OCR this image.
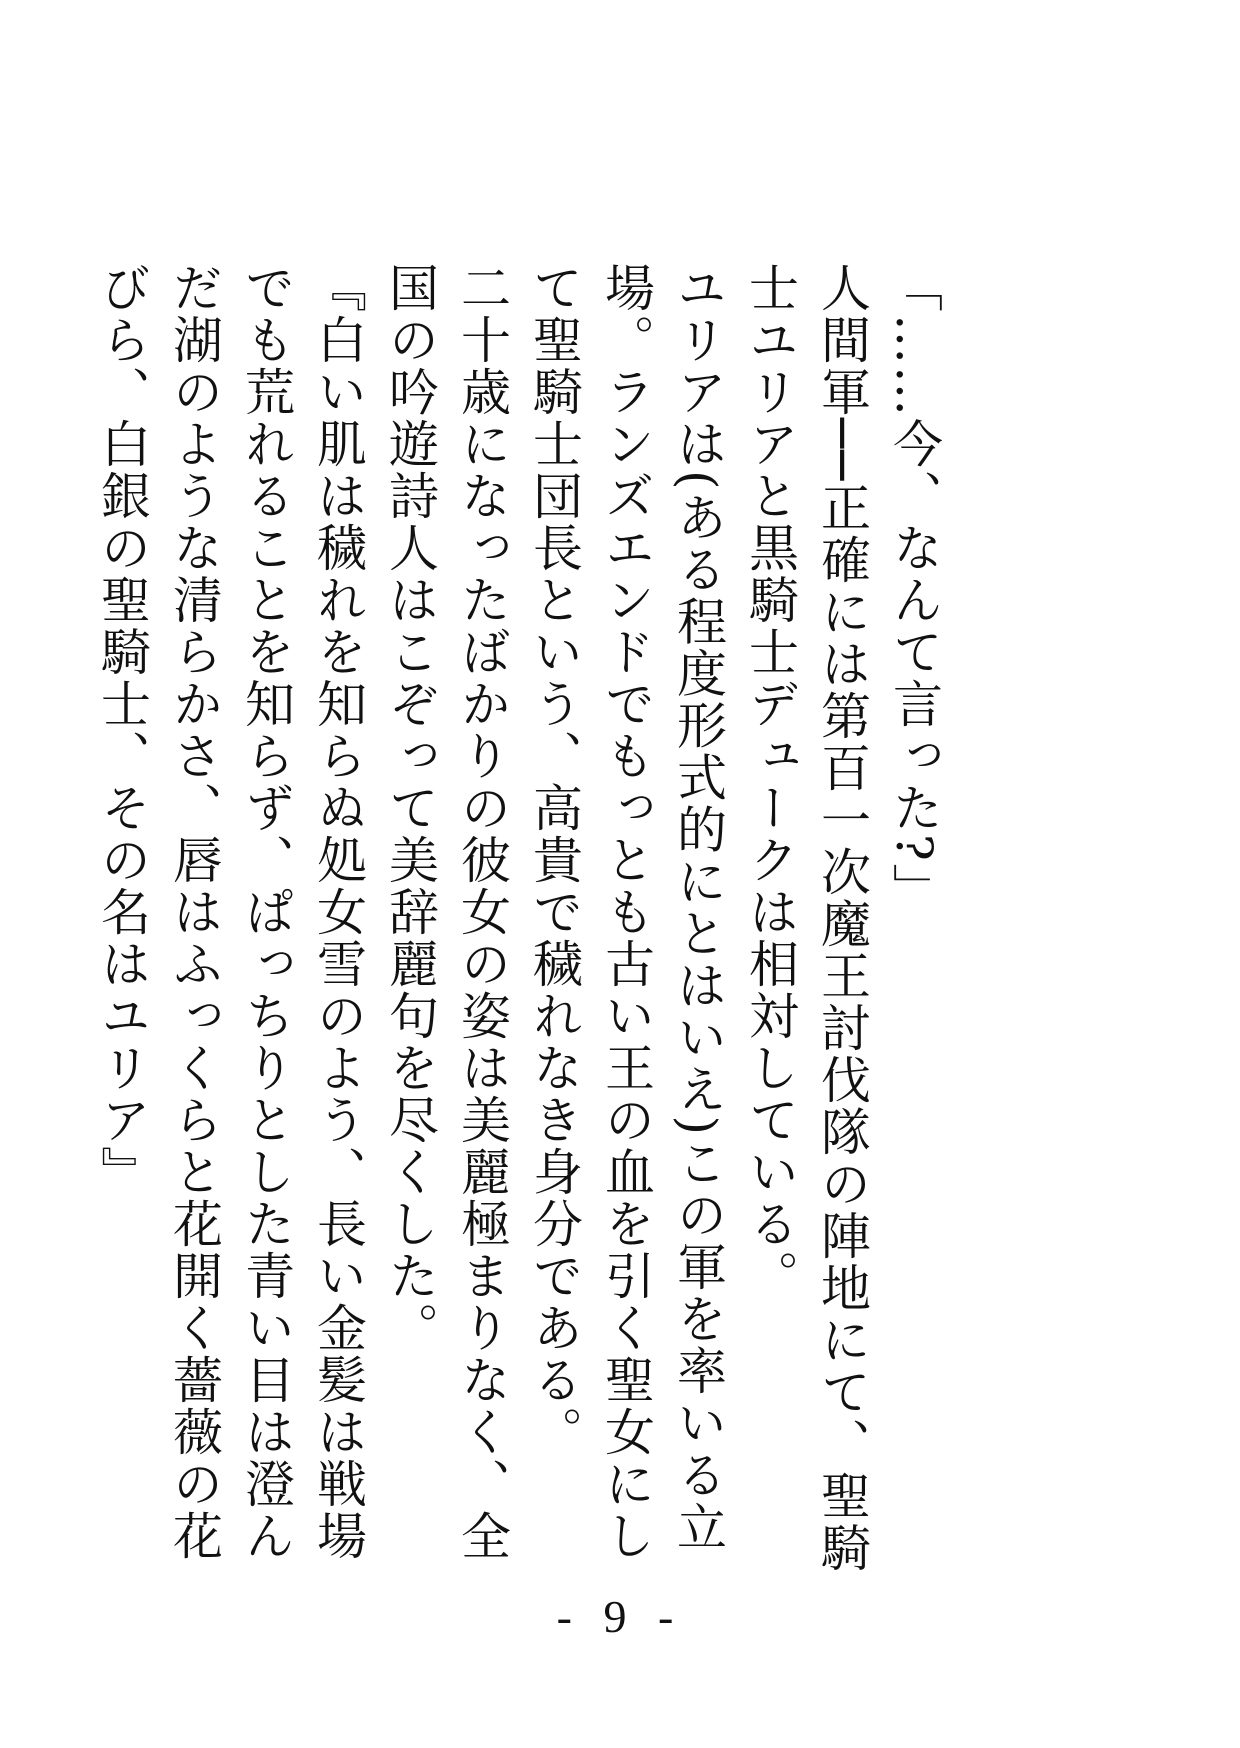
「……今、なんて言った?」

人間軍──正確には第百一次魔王討伐隊の陣地にて、聖騎士ユリアと黒騎士デュークは相対している。

ユリアは(ある程度形式的にとはいえ)この軍を率いる立場。ランズエンドでもっとも古い王の血を引く聖女にして聖騎士団長という、高貴で穢れなき身分である。

二十歳になったばかりの彼女の姿は美麗極まりなく、全国の吟遊詩人はこぞって美辞麗句を尽くした。

『白い肌は穢れを知らぬ処女雪のよう、長い金髪は戦場でも荒れることを知らず、ぱっちりとした青い目は澄んだ湖のような清らかさ、唇はふっくらと花開く薔薇の花びら、白銀の聖騎士、その名はユリア』

- 9 -
